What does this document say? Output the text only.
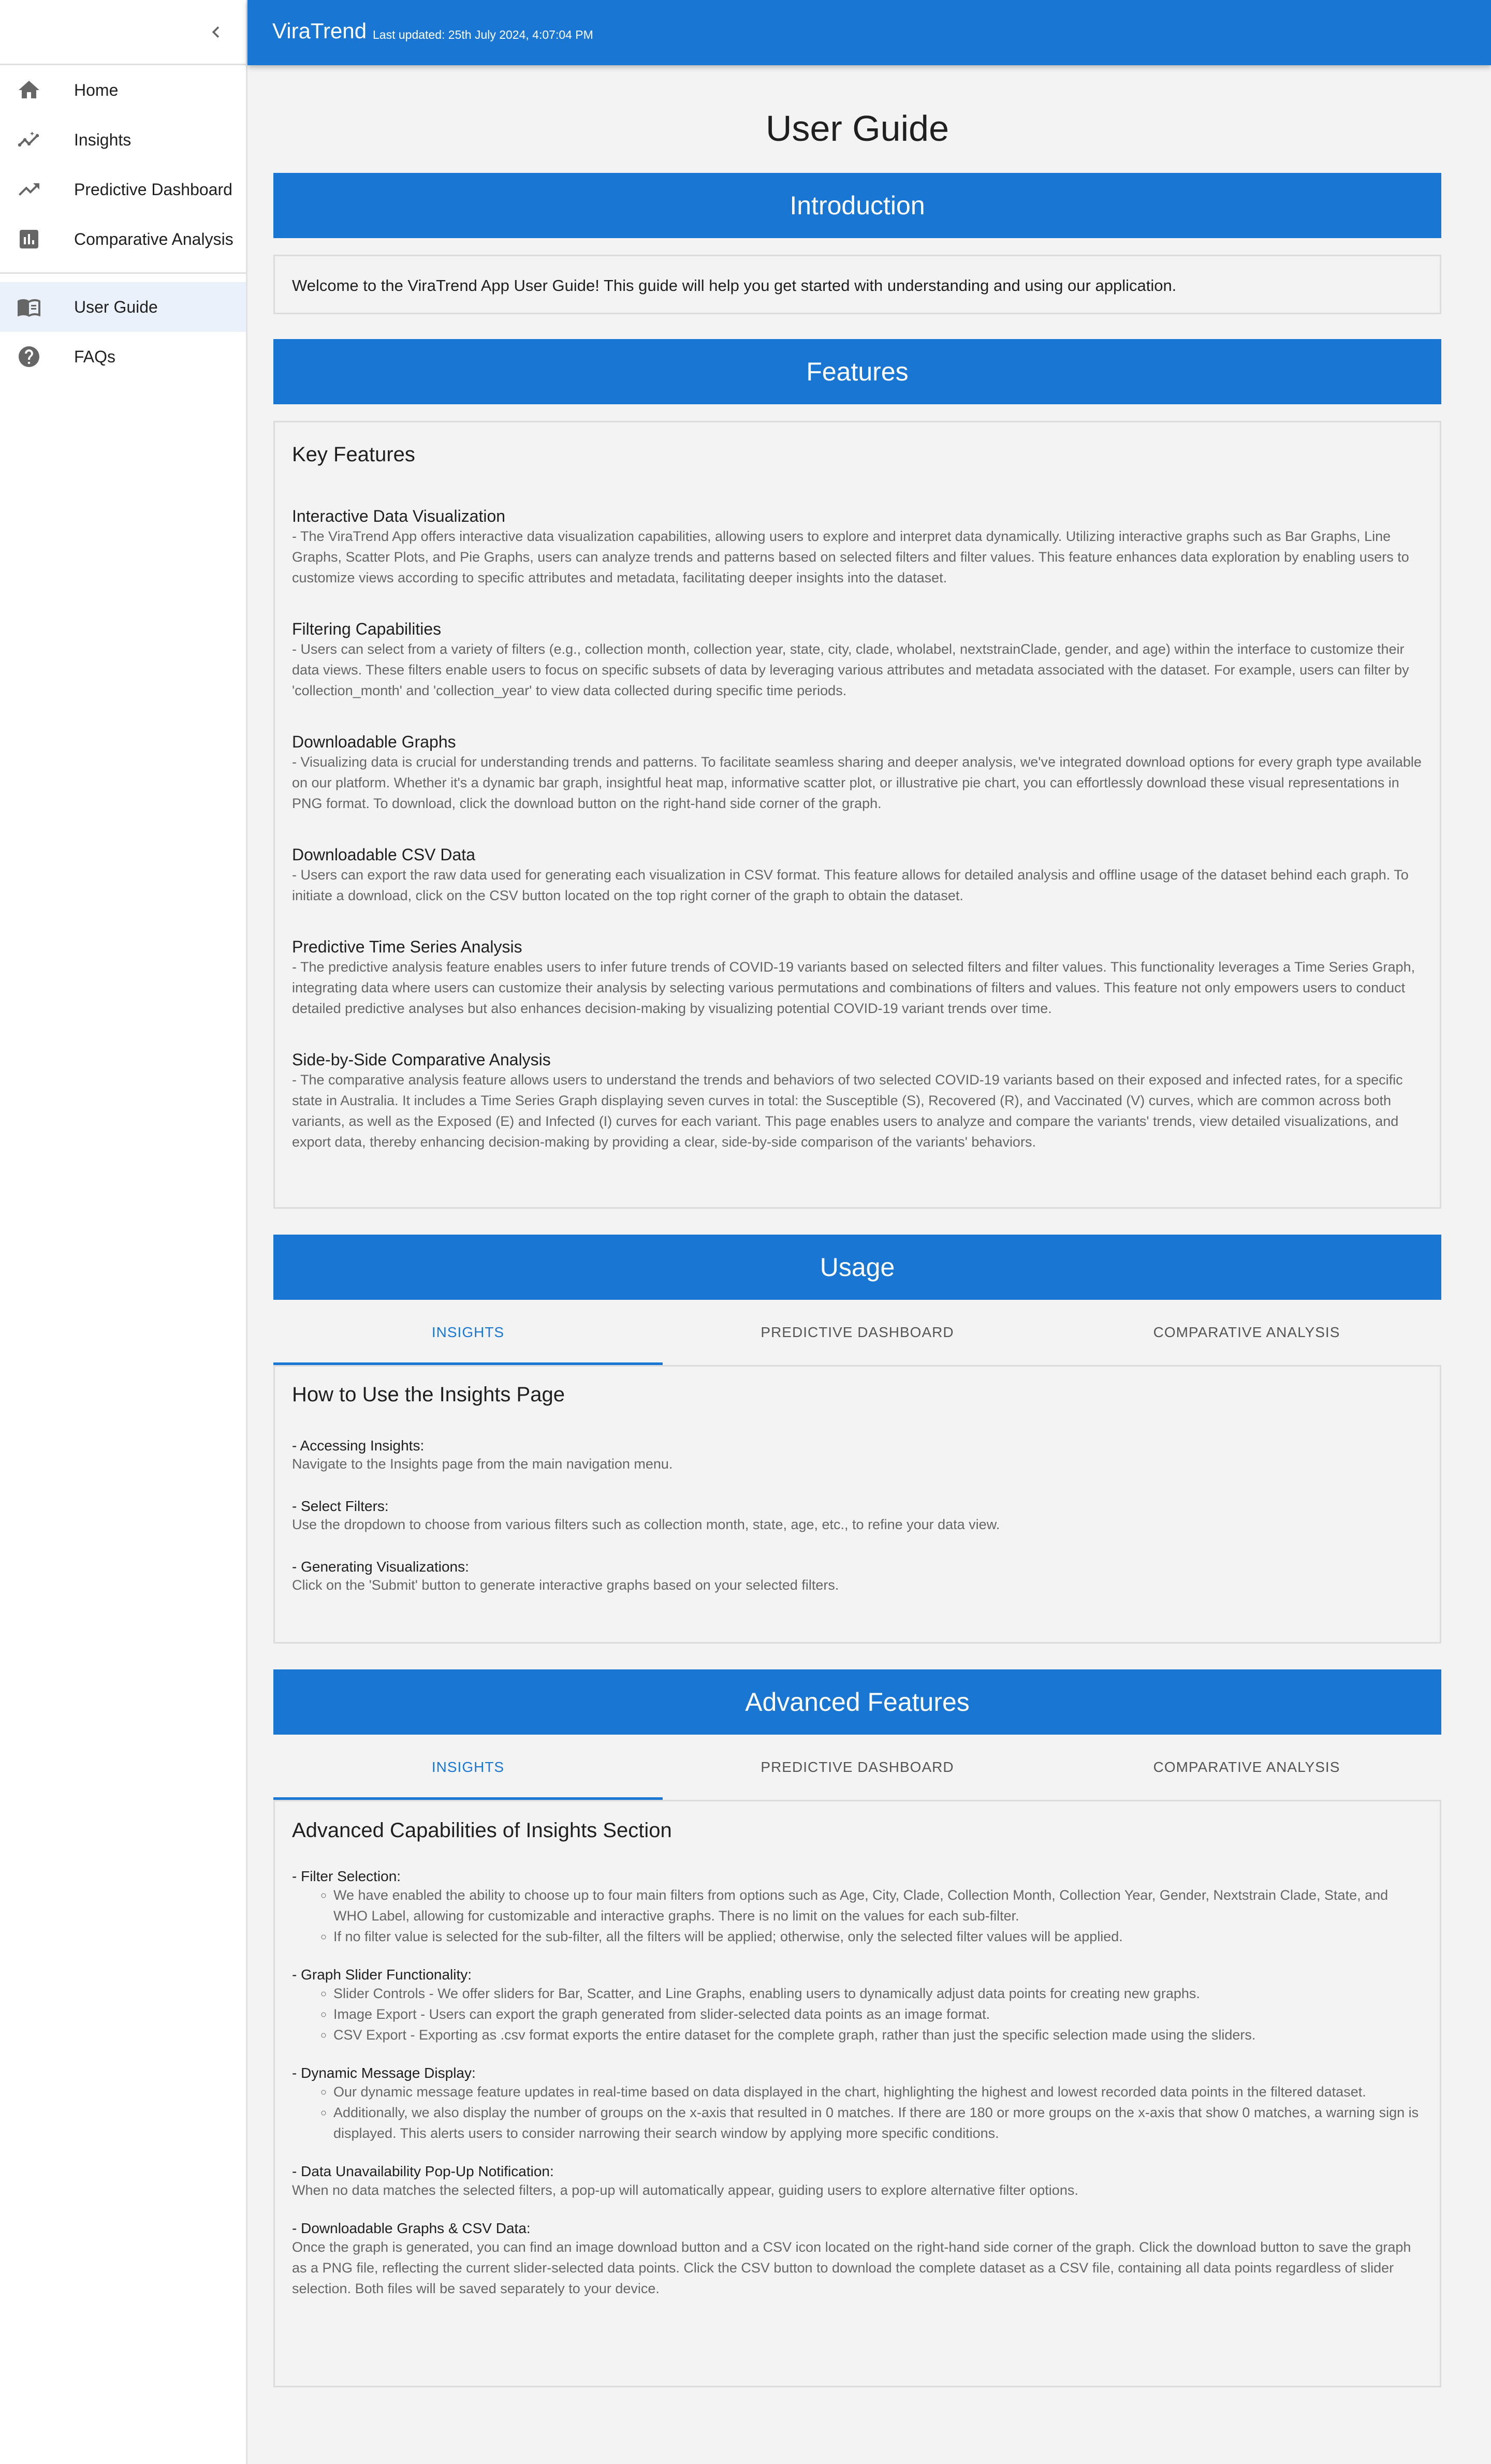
Home
Insights
Predictive Dashboard
Comparative Analysis
User Guide
FAQs
ViraTrend Last updated: 25th July 2024, 4:07:04 PM
User Guide
Introduction
Welcome to the ViraTrend App User Guide! This guide will help you get started with understanding and using our application.
Features
Key Features
Interactive Data Visualization
- The ViraTrend App offers interactive data visualization capabilities, allowing users to explore and interpret data dynamically. Utilizing interactive graphs such as Bar Graphs, Line Graphs, Scatter Plots, and Pie Graphs, users can analyze trends and patterns based on selected filters and filter values. This feature enhances data exploration by enabling users to customize views according to specific attributes and metadata, facilitating deeper insights into the dataset.
Filtering Capabilities
- Users can select from a variety of filters (e.g., collection month, collection year, state, city, clade, wholabel, nextstrainClade, gender, and age) within the interface to customize their data views. These filters enable users to focus on specific subsets of data by leveraging various attributes and metadata associated with the dataset. For example, users can filter by 'collection_month' and 'collection_year' to view data collected during specific time periods.
Downloadable Graphs
- Visualizing data is crucial for understanding trends and patterns. To facilitate seamless sharing and deeper analysis, we've integrated download options for every graph type available on our platform. Whether it's a dynamic bar graph, insightful heat map, informative scatter plot, or illustrative pie chart, you can effortlessly download these visual representations in PNG format. To download, click the download button on the right-hand side corner of the graph.
Downloadable CSV Data
- Users can export the raw data used for generating each visualization in CSV format. This feature allows for detailed analysis and offline usage of the dataset behind each graph. To initiate a download, click on the CSV button located on the top right corner of the graph to obtain the dataset.
Predictive Time Series Analysis
- The predictive analysis feature enables users to infer future trends of COVID-19 variants based on selected filters and filter values. This functionality leverages a Time Series Graph, integrating data where users can customize their analysis by selecting various permutations and combinations of filters and values. This feature not only empowers users to conduct detailed predictive analyses but also enhances decision-making by visualizing potential COVID-19 variant trends over time.
Side-by-Side Comparative Analysis
- The comparative analysis feature allows users to understand the trends and behaviors of two selected COVID-19 variants based on their exposed and infected rates, for a specific state in Australia. It includes a Time Series Graph displaying seven curves in total: the Susceptible (S), Recovered (R), and Vaccinated (V) curves, which are common across both variants, as well as the Exposed (E) and Infected (I) curves for each variant. This page enables users to analyze and compare the variants' trends, view detailed visualizations, and export data, thereby enhancing decision-making by providing a clear, side-by-side comparison of the variants' behaviors.
Usage
INSIGHTS	PREDICTIVE DASHBOARD	COMPARATIVE ANALYSIS
How to Use the Insights Page
- Accessing Insights:
Navigate to the Insights page from the main navigation menu.
- Select Filters:
Use the dropdown to choose from various filters such as collection month, state, age, etc., to refine your data view.
- Generating Visualizations:
Click on the 'Submit' button to generate interactive graphs based on your selected filters.
Advanced Features
INSIGHTS	PREDICTIVE DASHBOARD	COMPARATIVE ANALYSIS
Advanced Capabilities of Insights Section
- Filter Selection:
◦ We have enabled the ability to choose up to four main filters from options such as Age, City, Clade, Collection Month, Collection Year, Gender, Nextstrain Clade, State, and WHO Label, allowing for customizable and interactive graphs. There is no limit on the values for each sub-filter.
◦ If no filter value is selected for the sub-filter, all the filters will be applied; otherwise, only the selected filter values will be applied.
- Graph Slider Functionality:
◦ Slider Controls - We offer sliders for Bar, Scatter, and Line Graphs, enabling users to dynamically adjust data points for creating new graphs.
◦ Image Export - Users can export the graph generated from slider-selected data points as an image format.
◦ CSV Export - Exporting as .csv format exports the entire dataset for the complete graph, rather than just the specific selection made using the sliders.
- Dynamic Message Display:
◦ Our dynamic message feature updates in real-time based on data displayed in the chart, highlighting the highest and lowest recorded data points in the filtered dataset.
◦ Additionally, we also display the number of groups on the x-axis that resulted in 0 matches. If there are 180 or more groups on the x-axis that show 0 matches, a warning sign is displayed. This alerts users to consider narrowing their search window by applying more specific conditions.
- Data Unavailability Pop-Up Notification:
When no data matches the selected filters, a pop-up will automatically appear, guiding users to explore alternative filter options.
- Downloadable Graphs & CSV Data:
Once the graph is generated, you can find an image download button and a CSV icon located on the right-hand side corner of the graph. Click the download button to save the graph as a PNG file, reflecting the current slider-selected data points. Click the CSV button to download the complete dataset as a CSV file, containing all data points regardless of slider selection. Both files will be saved separately to your device.
